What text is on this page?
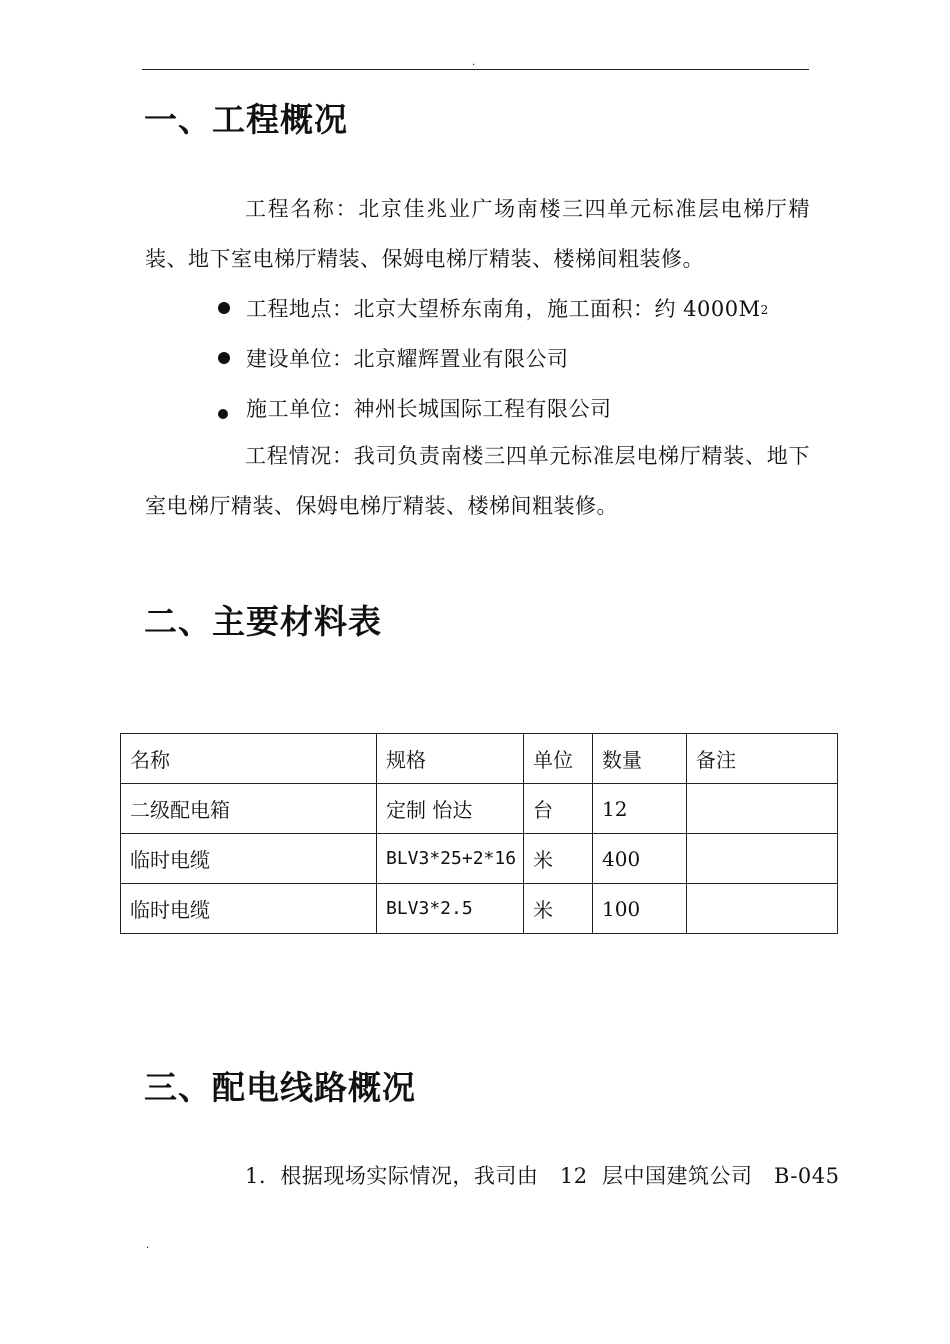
.
一、工程概况

工程名称：北京佳兆业广场南楼三四单元标准层电梯厅精装、地下室电梯厅精装、保姆电梯厅精装、楼梯间粗装修。

工程地点：北京大望桥东南角，施工面积：约 $4000M_2$
建设单位：北京耀辉置业有限公司
施工单位：神州长城国际工程有限公司

工程情况：我司负责南楼三四单元标准层电梯厅精装、地下室电梯厅精装、保姆电梯厅精装、楼梯间粗装修。

二、主要材料表
名称	规格	单位	数量	备注
二级配电箱	定制 怡达	台	12	
临时电缆	BLV3*25+2*16	米	400	
临时电缆	BLV3*2.5	米	100	
三、配电线路概况
1.  根据现场实际情况，我司由   12  层中国建筑公司   B-045
.
